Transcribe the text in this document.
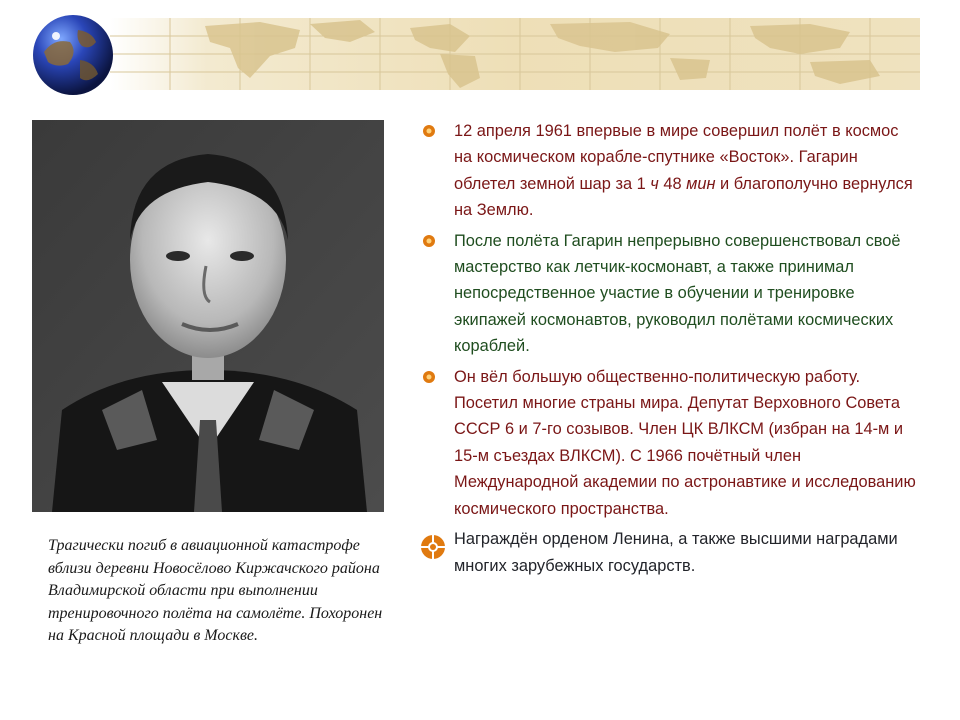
Трагически погиб в авиационной катастрофе вблизи деревни Новосёлово Киржачского района Владимирской области при выполнении тренировочного полёта на самолёте. Похоронен на Красной площади в Москве.

12 апреля 1961 впервые в мире совершил полёт в космос на космическом корабле-спутнике «Восток». Гагарин облетел земной шар за 1 ч 48 мин и благополучно вернулся на Землю.
После полёта Гагарин непрерывно совершенствовал своё мастерство как летчик-космонавт, а также принимал непосредственное участие в обучении и тренировке экипажей космонавтов, руководил полётами космических кораблей.
Он вёл большую общественно-политическую работу. Посетил многие страны мира. Депутат Верховного Совета СССР 6 и 7-го созывов. Член ЦК ВЛКСМ (избран на 14-м и 15-м съездах ВЛКСМ). С 1966 почётный член Международной академии по астронавтике и исследованию космического пространства.
Награждён орденом Ленина, а также высшими наградами многих зарубежных государств.
